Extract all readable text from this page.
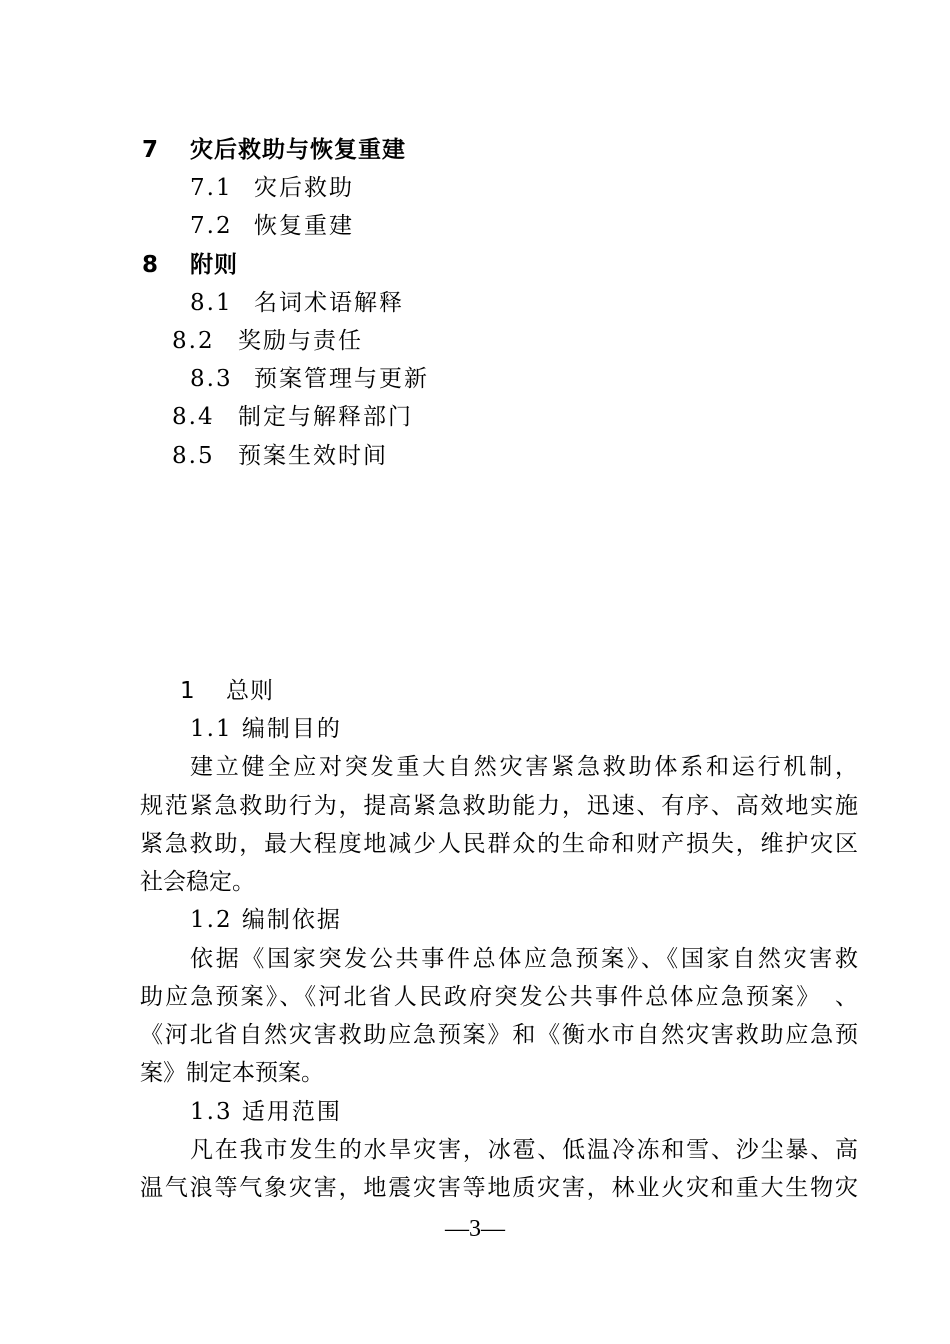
7 灾后救助与恢复重建
7.1 灾后救助
7.2 恢复重建
8 附则
8.1 名词术语解释
8.2 奖励与责任
8.3 预案管理与更新
8.4 制定与解释部门
8.5 预案生效时间
1 总则
1.1 编制目的
建立健全应对突发重大自然灾害紧急救助体系和运行机制，
规范紧急救助行为，提高紧急救助能力，迅速、有序、高效地实施
紧急救助，最大程度地减少人民群众的生命和财产损失，维护灾区
社会稳定。
1.2 编制依据
依据《国家突发公共事件总体应急预案》、《国家自然灾害救
助应急预案》、《河北省人民政府突发公共事件总体应急预案》　、
《河北省自然灾害救助应急预案》和《衡水市自然灾害救助应急预
案》制定本预案。
1.3 适用范围
凡在我市发生的水旱灾害，冰雹、低温冷冻和雪、沙尘暴、高
温气浪等气象灾害，地震灾害等地质灾害，林业火灾和重大生物灾
—3—
